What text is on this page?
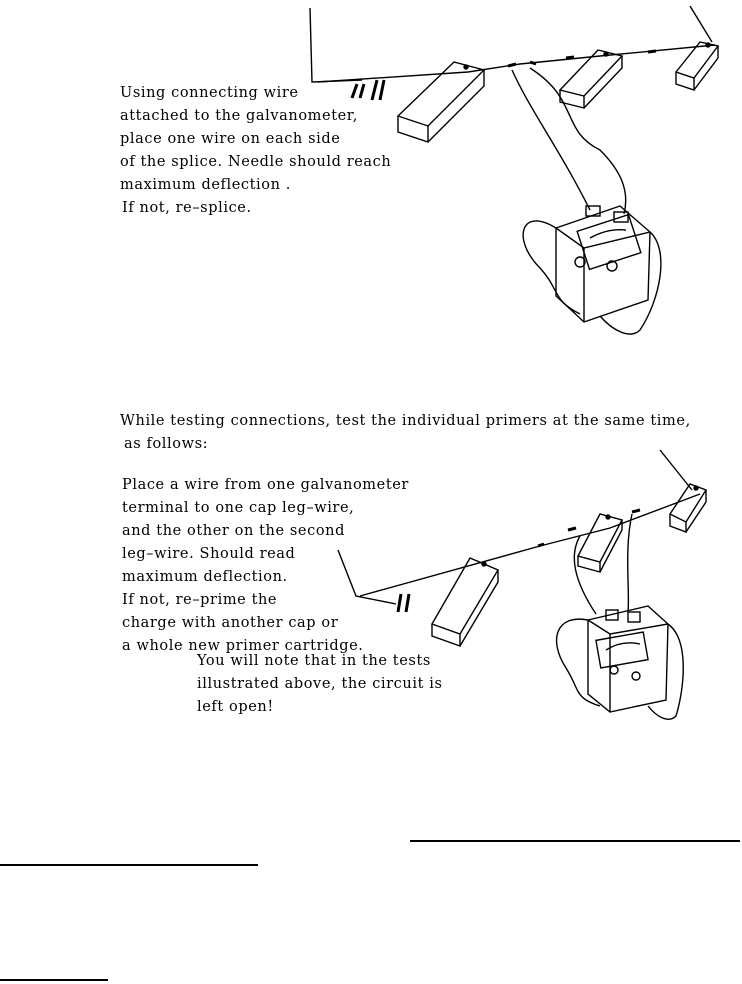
Using connecting wire
attached to the galvanometer,
place one wire on each side
of the splice. Needle should reach
maximum deflection .
If not, re–splice.
While testing connections, test the individual primers at the same time,
as follows:
Place a wire from one galvanometer
terminal to one cap leg–wire,
and the other on the second
leg–wire. Should read
maximum deflection.
If not, re–prime the
charge with another cap or
a whole new primer cartridge.
You will note that in the tests
illustrated above, the circuit is
left open!
